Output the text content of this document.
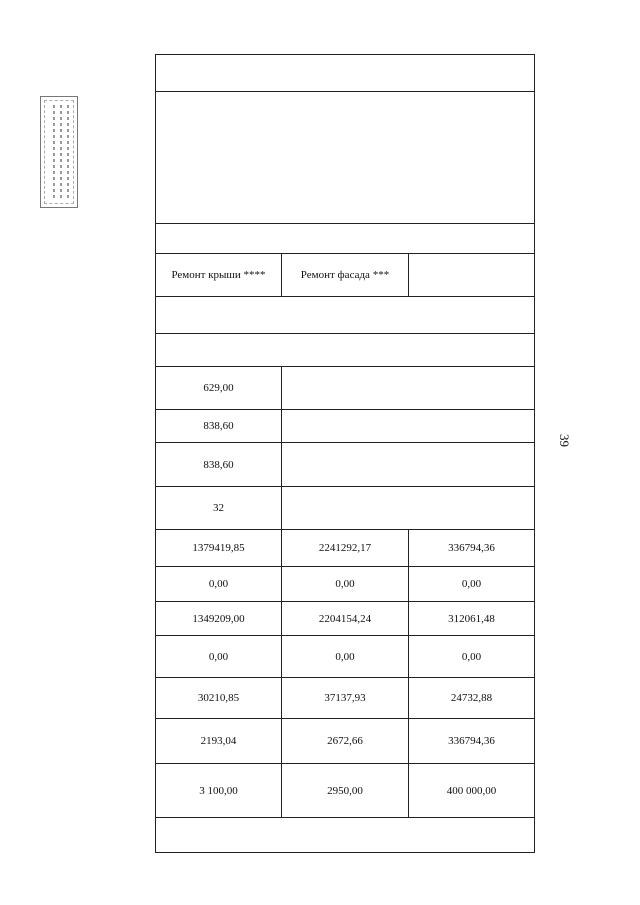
39

Ремонт крыши ****	Ремонт фасада ***	

629,00		
838,60		
838,60		
32		
1379419,85	2241292,17	336794,36
0,00	0,00	0,00
1349209,00	2204154,24	312061,48
0,00	0,00	0,00
30210,85	37137,93	24732,88
2193,04	2672,66	336794,36
3 100,00	2950,00	400 000,00
